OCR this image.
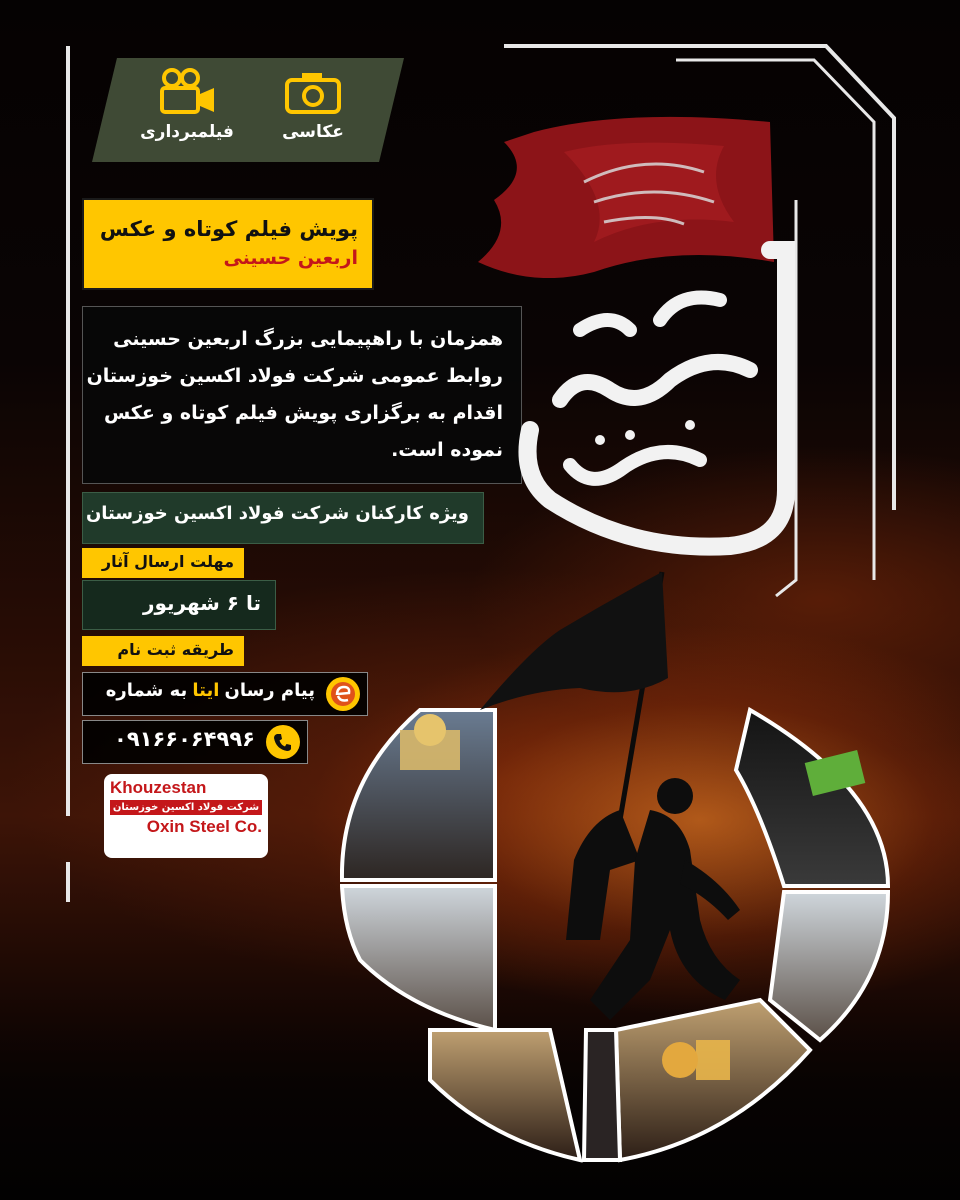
فیلمبرداری	عکاسی
پویش فیلم کوتاه و عکس
اربعین حسینی
همزمان با راهپیمایی بزرگ اربعین حسینی
روابط عمومی شرکت فولاد اکسین خوزستان
اقدام به برگزاری پویش فیلم کوتاه و عکس
نموده است.
ویژه کارکنان شرکت فولاد اکسین خوزستان
مهلت ارسال آثار
تا ۶ شهریور
طریقه ثبت نام
پیام رسان ایتا به شماره
۰۹۱۶۶۰۶۴۹۹۶
Khouzestan
شرکت فولاد اکسین خوزستان
Oxin Steel Co.
